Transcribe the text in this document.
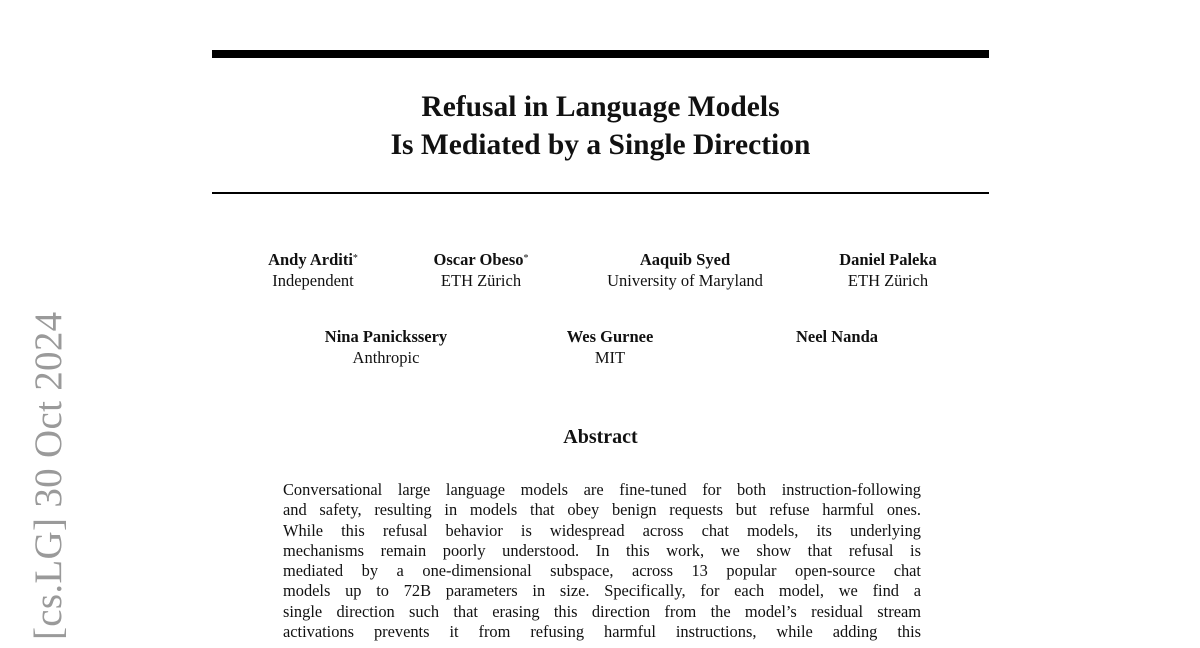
[cs.LG] 30 Oct 2024
Refusal in Language Models
Is Mediated by a Single Direction
Andy Arditi*
Independent
Oscar Obeso*
ETH Zürich
Aaquib Syed
University of Maryland
Daniel Paleka
ETH Zürich
Nina Panickssery
Anthropic
Wes Gurnee
MIT
Neel Nanda
Abstract
Conversational large language models are fine-tuned for both instruction-following
and safety, resulting in models that obey benign requests but refuse harmful ones.
While this refusal behavior is widespread across chat models, its underlying
mechanisms remain poorly understood. In this work, we show that refusal is
mediated by a one-dimensional subspace, across 13 popular open-source chat
models up to 72B parameters in size. Specifically, for each model, we find a
single direction such that erasing this direction from the model’s residual stream
activations prevents it from refusing harmful instructions, while adding this
